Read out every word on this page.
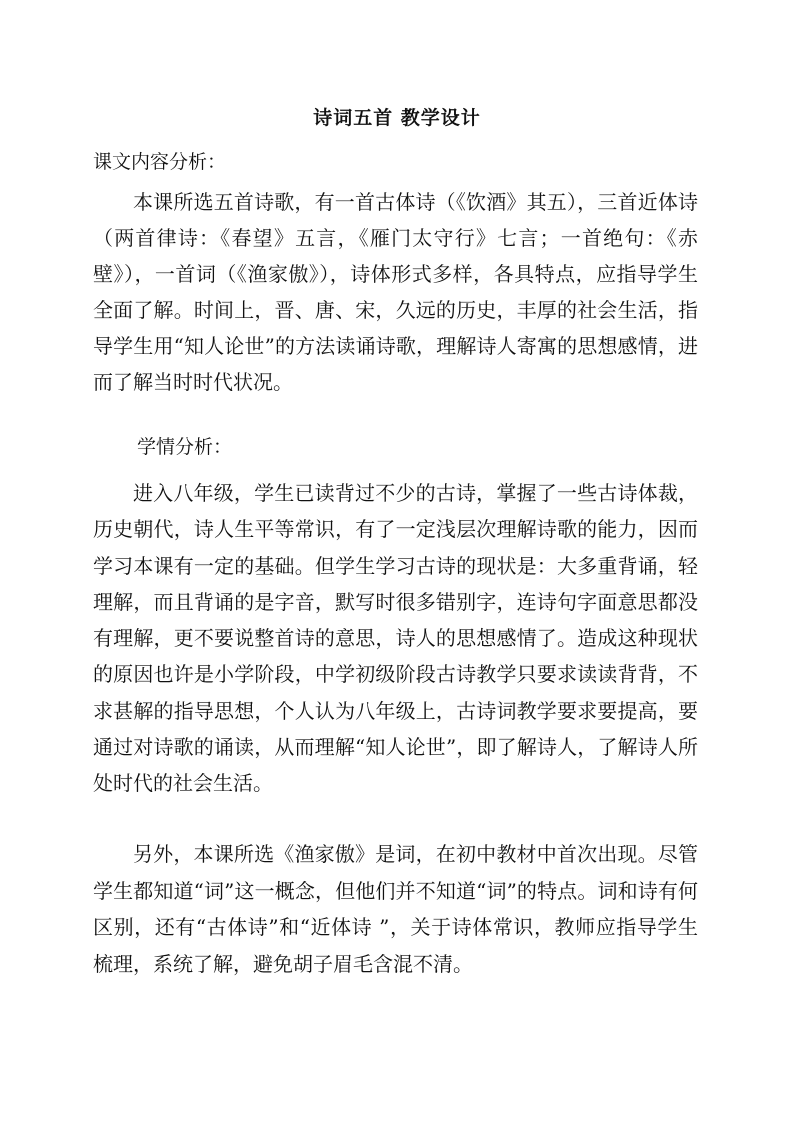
诗词五首 教学设计
课文内容分析：

本课所选五首诗歌，有一首古体诗（《饮酒》其五），三首近体诗（两首律诗：《春望》五言，《雁门太守行》七言；一首绝句：《赤壁》），一首词（《渔家傲》），诗体形式多样，各具特点，应指导学生全面了解。时间上，晋、唐、宋，久远的历史，丰厚的社会生活，指导学生用“知人论世”的方法读诵诗歌，理解诗人寄寓的思想感情，进而了解当时时代状况。

学情分析：

进入八年级，学生已读背过不少的古诗，掌握了一些古诗体裁，历史朝代，诗人生平等常识，有了一定浅层次理解诗歌的能力，因而学习本课有一定的基础。但学生学习古诗的现状是：大多重背诵，轻理解，而且背诵的是字音，默写时很多错别字，连诗句字面意思都没有理解，更不要说整首诗的意思，诗人的思想感情了。造成这种现状的原因也许是小学阶段，中学初级阶段古诗教学只要求读读背背，不求甚解的指导思想，个人认为八年级上，古诗词教学要求要提高，要通过对诗歌的诵读，从而理解“知人论世”，即了解诗人，了解诗人所处时代的社会生活。

另外，本课所选《渔家傲》是词，在初中教材中首次出现。尽管学生都知道“词”这一概念，但他们并不知道“词”的特点。词和诗有何区别，还有“古体诗”和“近体诗 ”，关于诗体常识，教师应指导学生梳理，系统了解，避免胡子眉毛含混不清。
